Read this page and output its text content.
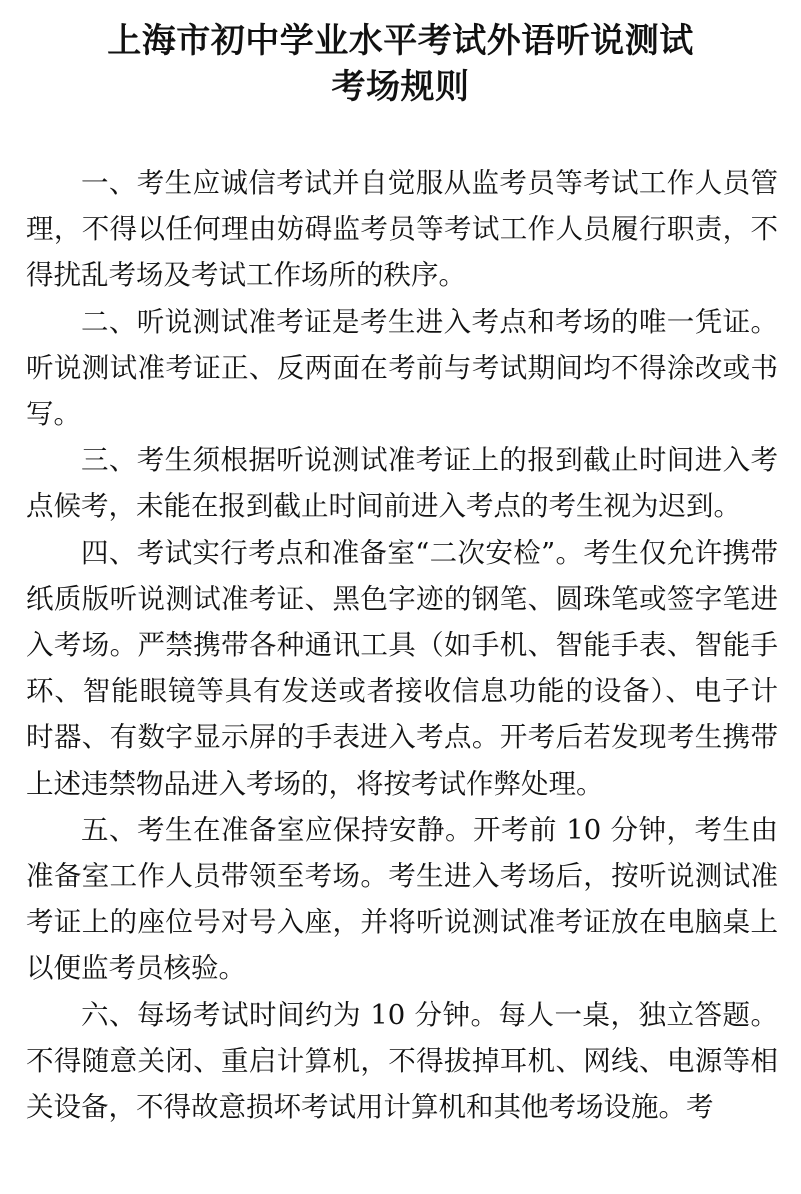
上海市初中学业水平考试外语听说测试
考场规则

一、考生应诚信考试并自觉服从监考员等考试工作人员管理，不得以任何理由妨碍监考员等考试工作人员履行职责，不得扰乱考场及考试工作场所的秩序。

二、听说测试准考证是考生进入考点和考场的唯一凭证。听说测试准考证正、反两面在考前与考试期间均不得涂改或书写。

三、考生须根据听说测试准考证上的报到截止时间进入考点候考，未能在报到截止时间前进入考点的考生视为迟到。

四、考试实行考点和准备室“二次安检”。考生仅允许携带纸质版听说测试准考证、黑色字迹的钢笔、圆珠笔或签字笔进入考场。严禁携带各种通讯工具（如手机、智能手表、智能手环、智能眼镜等具有发送或者接收信息功能的设备）、电子计时器、有数字显示屏的手表进入考点。开考后若发现考生携带上述违禁物品进入考场的，将按考试作弊处理。

五、考生在准备室应保持安静。开考前 10 分钟，考生由准备室工作人员带领至考场。考生进入考场后，按听说测试准考证上的座位号对号入座，并将听说测试准考证放在电脑桌上以便监考员核验。

六、每场考试时间约为 10 分钟。每人一桌，独立答题。不得随意关闭、重启计算机，不得拔掉耳机、网线、电源等相关设备，不得故意损坏考试用计算机和其他考场设施。考
